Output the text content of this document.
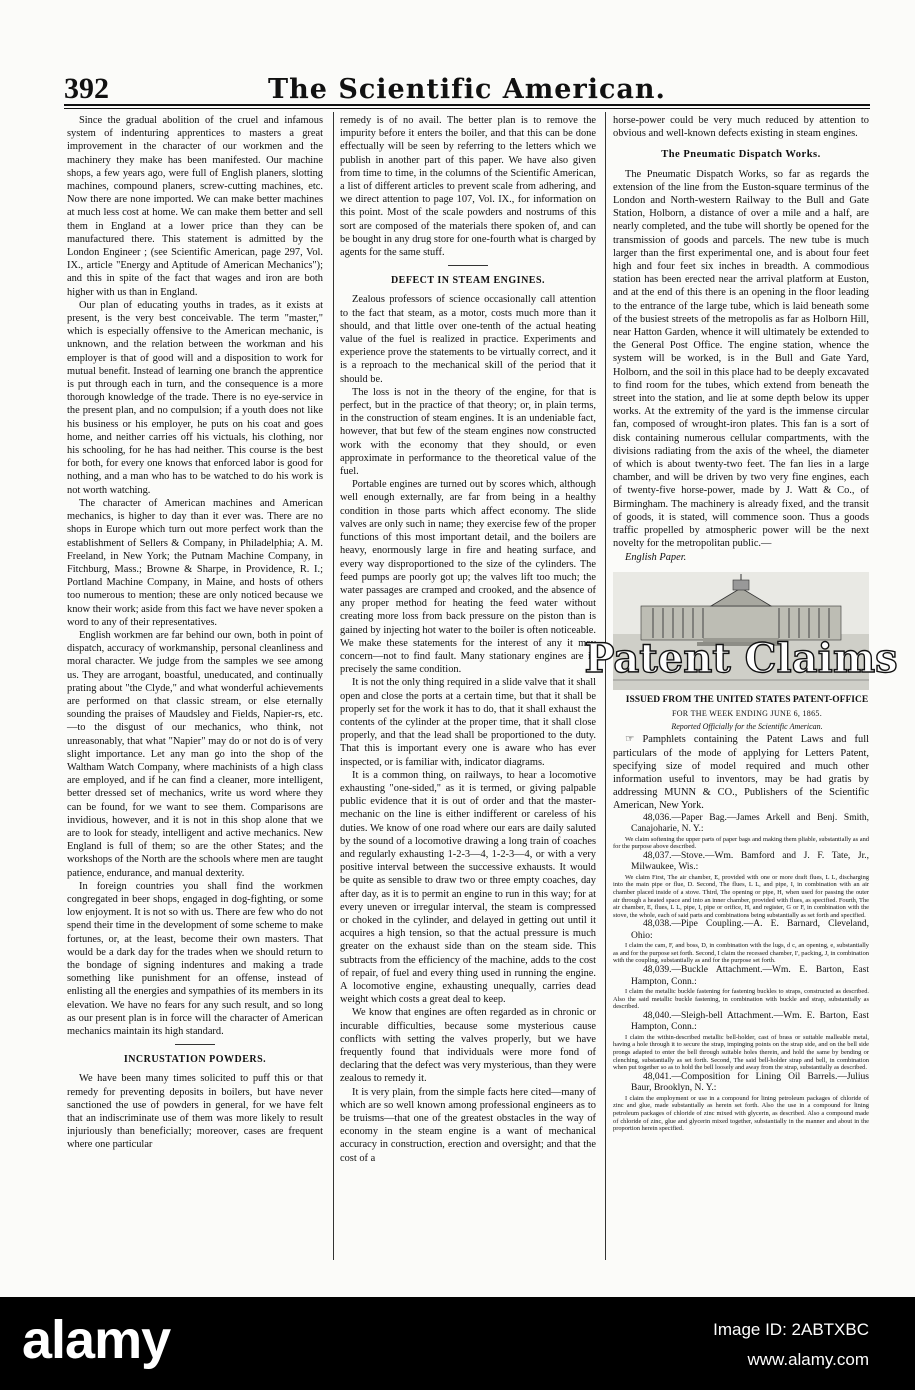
392	The Scientific American.

Since the gradual abolition of the cruel and infamous system of indenturing apprentices to masters a great improvement in the character of our workmen and the machinery they make has been manifested. Our machine shops, a few years ago, were full of English planers, slotting machines, compound planers, screw-cutting machines, etc. Now there are none imported. We can make better machines at much less cost at home. We can make them better and sell them in England at a lower price than they can be manufactured there. This statement is admitted by the London Engineer ; (see Scientific American, page 297, Vol. IX., article "Energy and Aptitude of American Mechanics"); and this in spite of the fact that wages and iron are both higher with us than in England.

Our plan of educating youths in trades, as it exists at present, is the very best conceivable. The term "master," which is especially offensive to the American mechanic, is unknown, and the relation between the workman and his employer is that of good will and a disposition to work for mutual benefit. Instead of learning one branch the apprentice is put through each in turn, and the consequence is a more thorough knowledge of the trade. There is no eye-service in the present plan, and no compulsion; if a youth does not like his business or his employer, he puts on his coat and goes home, and neither carries off his victuals, his clothing, nor his schooling, for he has had neither. This course is the best for both, for every one knows that enforced labor is good for nothing, and a man who has to be watched to do his work is not worth watching.

The character of American machines and American mechanics, is higher to day than it ever was. There are no shops in Europe which turn out more perfect work than the establishment of Sellers & Company, in Philadelphia; A. M. Freeland, in New York; the Putnam Machine Company, in Fitchburg, Mass.; Browne & Sharpe, in Providence, R. I.; Portland Machine Company, in Maine, and hosts of others too numerous to mention; these are only noticed because we know their work; aside from this fact we have never spoken a word to any of their representatives.

English workmen are far behind our own, both in point of dispatch, accuracy of workmanship, personal cleanliness and moral character. We judge from the samples we see among us. They are arrogant, boastful, uneducated, and continually prating about "the Clyde," and what wonderful achievements are performed on that classic stream, or else eternally sounding the praises of Maudsley and Fields, Napier-rs, etc. —to the disgust of our mechanics, who think, not unreasonably, that what "Napier" may do or not do is of very slight importance. Let any man go into the shop of the Waltham Watch Company, where machinists of a high class are employed, and if he can find a cleaner, more intelligent, better dressed set of mechanics, write us word where they can be found, for we want to see them. Comparisons are invidious, however, and it is not in this shop alone that we are to look for steady, intelligent and active mechanics. New England is full of them; so are the other States; and the workshops of the North are the schools where men are taught patience, endurance, and manual dexterity.

In foreign countries you shall find the workmen congregated in beer shops, engaged in dog-fighting, or some low enjoyment. It is not so with us. There are few who do not spend their time in the development of some scheme to make fortunes, or, at the least, become their own masters. That would be a dark day for the trades when we should return to the bondage of signing indentures and making a trade something like punishment for an offense, instead of enlisting all the energies and sympathies of its members in its elevation. We have no fears for any such result, and so long as our present plan is in force will the character of American mechanics maintain its high standard.

INCRUSTATION POWDERS.

We have been many times solicited to puff this or that remedy for preventing deposits in boilers, but have never sanctioned the use of powders in general, for we have felt that an indiscriminate use of them was more likely to result injuriously than beneficially; moreover, cases are frequent where one particular

remedy is of no avail. The better plan is to remove the impurity before it enters the boiler, and that this can be done effectually will be seen by referring to the letters which we publish in another part of this paper. We have also given from time to time, in the columns of the Scientific American, a list of different articles to prevent scale from adhering, and we direct attention to page 107, Vol. IX., for information on this point. Most of the scale powders and nostrums of this sort are composed of the materials there spoken of, and can be bought in any drug store for one-fourth what is charged by agents for the same stuff.

DEFECT IN STEAM ENGINES.

Zealous professors of science occasionally call attention to the fact that steam, as a motor, costs much more than it should, and that little over one-tenth of the actual heating value of the fuel is realized in practice. Experiments and experience prove the statements to be virtually correct, and it is a reproach to the mechanical skill of the period that it should be.

The loss is not in the theory of the engine, for that is perfect, but in the practice of that theory; or, in plain terms, in the construction of steam engines. It is an undeniable fact, however, that but few of the steam engines now constructed work with the economy that they should, or even approximate in performance to the theoretical value of the fuel.

Portable engines are turned out by scores which, although well enough externally, are far from being in a healthy condition in those parts which affect economy. The slide valves are only such in name; they exercise few of the proper functions of this most important detail, and the boilers are heavy, enormously large in fire and heating surface, and every way disproportioned to the size of the cylinders. The feed pumps are poorly got up; the valves lift too much; the water passages are cramped and crooked, and the absence of any proper method for heating the feed water without creating more loss from back pressure on the piston than is gained by injecting hot water to the boiler is often noticeable. We make these statements for the interest of any it may concern—not to find fault. Many stationary engines are in precisely the same condition.

It is not the only thing required in a slide valve that it shall open and close the ports at a certain time, but that it shall be properly set for the work it has to do, that it shall exhaust the contents of the cylinder at the proper time, that it shall close properly, and that the lead shall be proportioned to the duty. That this is important every one is aware who has ever inspected, or is familiar with, indicator diagrams.

It is a common thing, on railways, to hear a locomotive exhausting "one-sided," as it is termed, or giving palpable public evidence that it is out of order and that the master-mechanic on the line is either indifferent or careless of his duties. We know of one road where our ears are daily saluted by the sound of a locomotive drawing a long train of coaches and regularly exhausting 1-2-3—4, 1-2-3—4, or with a very positive interval between the successive exhausts. It would be quite as sensible to draw two or three empty coaches, day after day, as it is to permit an engine to run in this way; for at every uneven or irregular interval, the steam is compressed or choked in the cylinder, and delayed in getting out until it acquires a high tension, so that the actual pressure is much greater on the exhaust side than on the steam side. This subtracts from the efficiency of the machine, adds to the cost of repair, of fuel and every thing used in running the engine. A locomotive engine, exhausting unequally, carries dead weight which costs a great deal to keep.

We know that engines are often regarded as in chronic or incurable difficulties, because some mysterious cause conflicts with setting the valves properly, but we have frequently found that individuals were more fond of declaring that the defect was very mysterious, than they were zealous to remedy it.

It is very plain, from the simple facts here cited—many of which are so well known among professional engineers as to be truisms—that one of the greatest obstacles in the way of economy in the steam engine is a want of mechanical accuracy in construction, erection and oversight; and that the cost of a

horse-power could be very much reduced by attention to obvious and well-known defects existing in steam engines.

The Pneumatic Dispatch Works.

The Pneumatic Dispatch Works, so far as regards the extension of the line from the Euston-square terminus of the London and North-western Railway to the Bull and Gate Station, Holborn, a distance of over a mile and a half, are nearly completed, and the tube will shortly be opened for the transmission of goods and parcels. The new tube is much larger than the first experimental one, and is about four feet high and four feet six inches in breadth. A commodious station has been erected near the arrival platform at Euston, and at the end of this there is an opening in the floor leading to the entrance of the large tube, which is laid beneath some of the busiest streets of the metropolis as far as Holborn Hill, near Hatton Garden, whence it will ultimately be extended to the General Post Office. The engine station, whence the system will be worked, is in the Bull and Gate Yard, Holborn, and the soil in this place had to be deeply excavated to find room for the tubes, which extend from beneath the street into the station, and lie at some depth below its upper works. At the extremity of the yard is the immense circular fan, composed of wrought-iron plates. This fan is a sort of disk containing numerous cellular compartments, with the divisions radiating from the axis of the wheel, the diameter of which is about twenty-two feet. The fan lies in a large chamber, and will be driven by two very fine engines, each of twenty-five horse-power, made by J. Watt & Co., of Birmingham. The machinery is already fixed, and the transit of goods, it is stated, will commence soon. Thus a goods traffic propelled by atmospheric power will be the next novelty for the metropolitan public.—

English Paper.

Patent Claims

ISSUED FROM THE UNITED STATES PATENT-OFFICE

FOR THE WEEK ENDING JUNE 6, 1865.

Reported Officially for the Scientific American.

☞ Pamphlets containing the Patent Laws and full particulars of the mode of applying for Letters Patent, specifying size of model required and much other information useful to inventors, may be had gratis by addressing MUNN & CO., Publishers of the Scientific American, New York.

48,036.—Paper Bag.—James Arkell and Benj. Smith, Canajoharie, N. Y.:

We claim softening the upper parts of paper bags and making them pliable, substantially as and for the purpose above described.

48,037.—Stove.—Wm. Bamford and J. F. Tate, Jr., Milwaukee, Wis.:

We claim First, The air chamber, E, provided with one or more draft flues, L L, discharging into the main pipe or flue, D. Second, The flues, L L, and pipe, I, in combination with an air chamber placed inside of a stove. Third, The opening or pipe, H, when used for passing the outer air through a heated space and into an inner chamber, provided with flues, as specified. Fourth, The air chamber, E, flues, L L, pipe, I, pipe or orifice, H, and register, G or F, in combination with the stove, the whole, each of said parts and combinations being substantially as set forth and specified.

48,038.—Pipe Coupling.—A. E. Barnard, Cleveland, Ohio:

I claim the cam, F, and boss, D, in combination with the lugs, d c, an opening, e, substantially as and for the purpose set forth. Second, I claim the recessed chamber, I', packing, J, in combination with the coupling, substantially as and for the purpose set forth.

48,039.—Buckle Attachment.—Wm. E. Barton, East Hampton, Conn.:

I claim the metallic buckle fastening for fastening buckles to straps, constructed as described. Also the said metallic buckle fastening, in combination with buckle and strap, substantially as described.

48,040.—Sleigh-bell Attachment.—Wm. E. Barton, East Hampton, Conn.:

I claim the within-described metallic bell-holder, cast of brass or suitable malleable metal, having a hole through it to secure the strap, impinging points on the strap side, and on the bell side prongs adapted to enter the bell through suitable holes therein, and hold the same by bending or clenching, substantially as set forth. Second, The said bell-holder strap and bell, in combination when put together so as to hold the bell loosely and away from the strap, substantially as described.

48,041.—Composition for Lining Oil Barrels.—Julius Baur, Brooklyn, N. Y.:

I claim the employment or use in a compound for lining petroleum packages of chloride of zinc and glue, made substantially as herein set forth. Also the use in a compound for lining petroleum packages of chloride of zinc mixed with glycerin, as described. Also a compound made of chloride of zinc, glue and glycerin mixed together, substantially in the manner and about in the proportion herein specified.

alamy	Image ID: 2ABTXBC
www.alamy.com
